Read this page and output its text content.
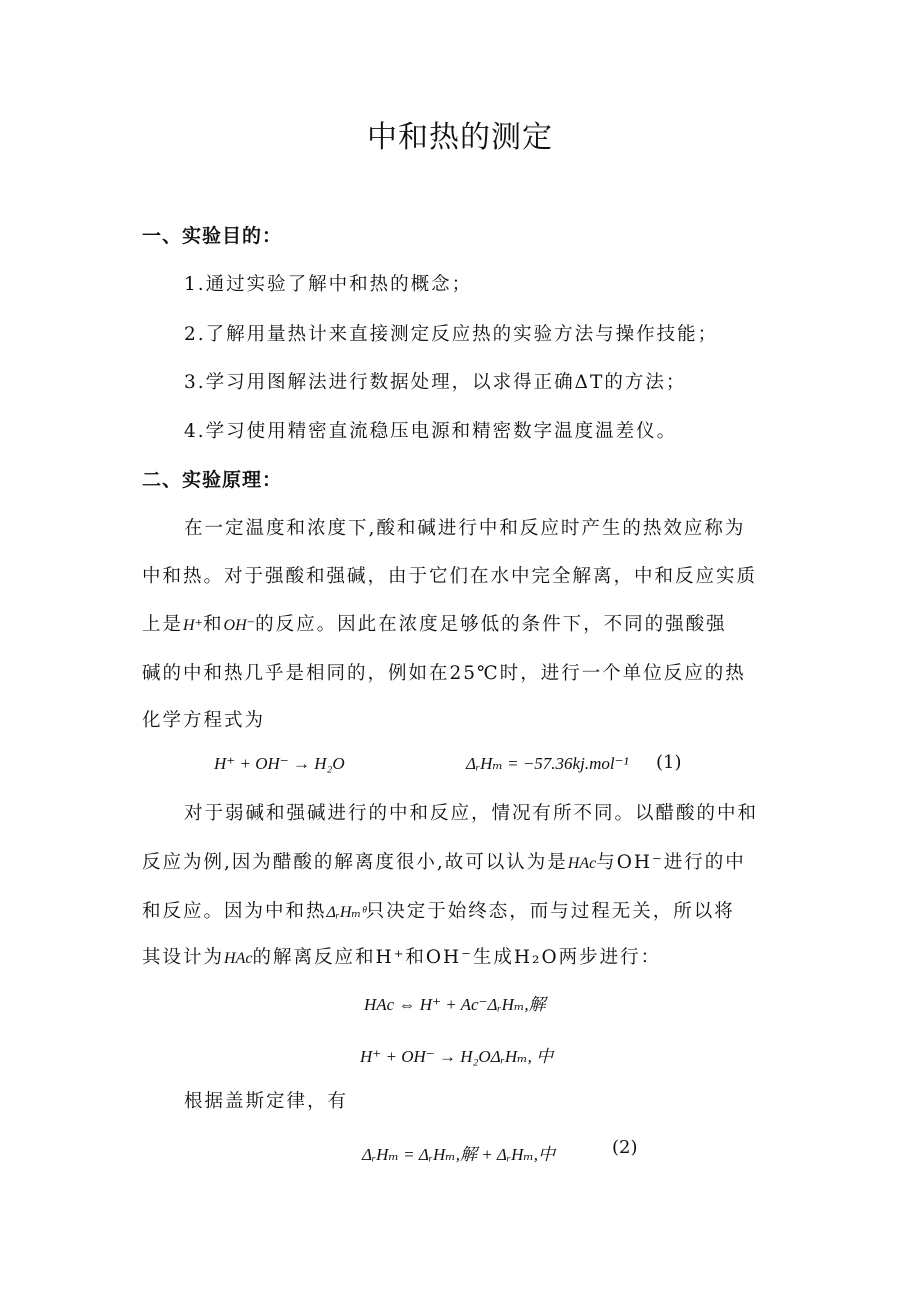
中和热的测定
一、实验目的：
1.通过实验了解中和热的概念；
2.了解用量热计来直接测定反应热的实验方法与操作技能；
3.学习用图解法进行数据处理，以求得正确ΔT的方法；
4.学习使用精密直流稳压电源和精密数字温度温差仪。
二、实验原理：
在一定温度和浓度下,酸和碱进行中和反应时产生的热效应称为
中和热。对于强酸和强碱，由于它们在水中完全解离，中和反应实质
上是H⁺和OH⁻的反应。因此在浓度足够低的条件下，不同的强酸强
碱的中和热几乎是相同的，例如在25℃时，进行一个单位反应的热
化学方程式为
H⁺ + OH⁻ → H₂O	ΔᵣHₘ = −57.36kj.mol⁻¹ (1)
对于弱碱和强碱进行的中和反应，情况有所不同。以醋酸的中和
反应为例,因为醋酸的解离度很小,故可以认为是HAc与OH⁻进行的中
和反应。因为中和热ΔᵣHₘᶿ只决定于始终态，而与过程无关，所以将
其设计为HAc的解离反应和H⁺和OH⁻生成H₂O两步进行：
HAc ⇔ H⁺ + Ac⁻ΔᵣHₘ,解
H⁺ + OH⁻ → H₂OΔᵣHₘ, 中
根据盖斯定律，有
ΔᵣHₘ = ΔᵣHₘ,解 + ΔᵣHₘ,中	(2)
